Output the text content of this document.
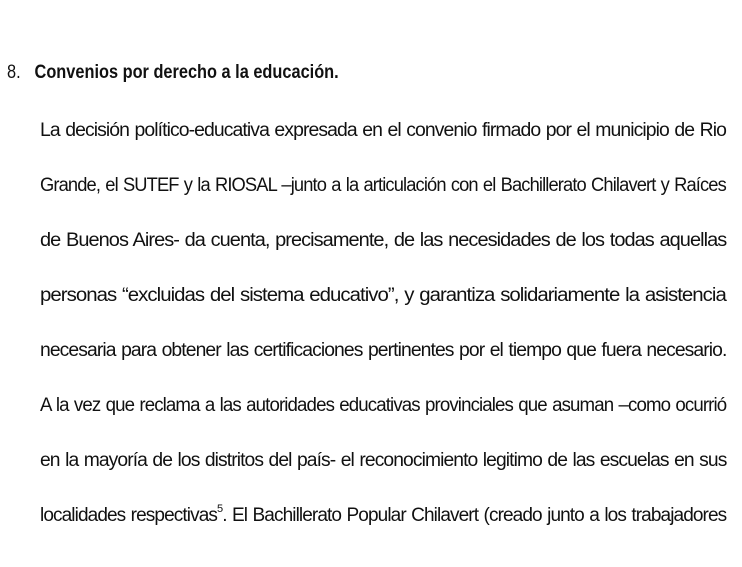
8. Convenios por derecho a la educación.
La decisión político-educativa expresada en el convenio firmado por el municipio de Rio
Grande, el SUTEF y la RIOSAL –junto a la articulación con el Bachillerato Chilavert y Raíces
de Buenos Aires- da cuenta, precisamente, de las necesidades de los todas aquellas
personas “excluidas del sistema educativo”, y garantiza solidariamente la asistencia
necesaria para obtener las certificaciones pertinentes por el tiempo que fuera necesario.
A la vez que reclama a las autoridades educativas provinciales que asuman –como ocurrió
en la mayoría de los distritos del país- el reconocimiento legitimo de las escuelas en sus
localidades respectivas$^5$. El Bachillerato Popular Chilavert (creado junto a los trabajadores
